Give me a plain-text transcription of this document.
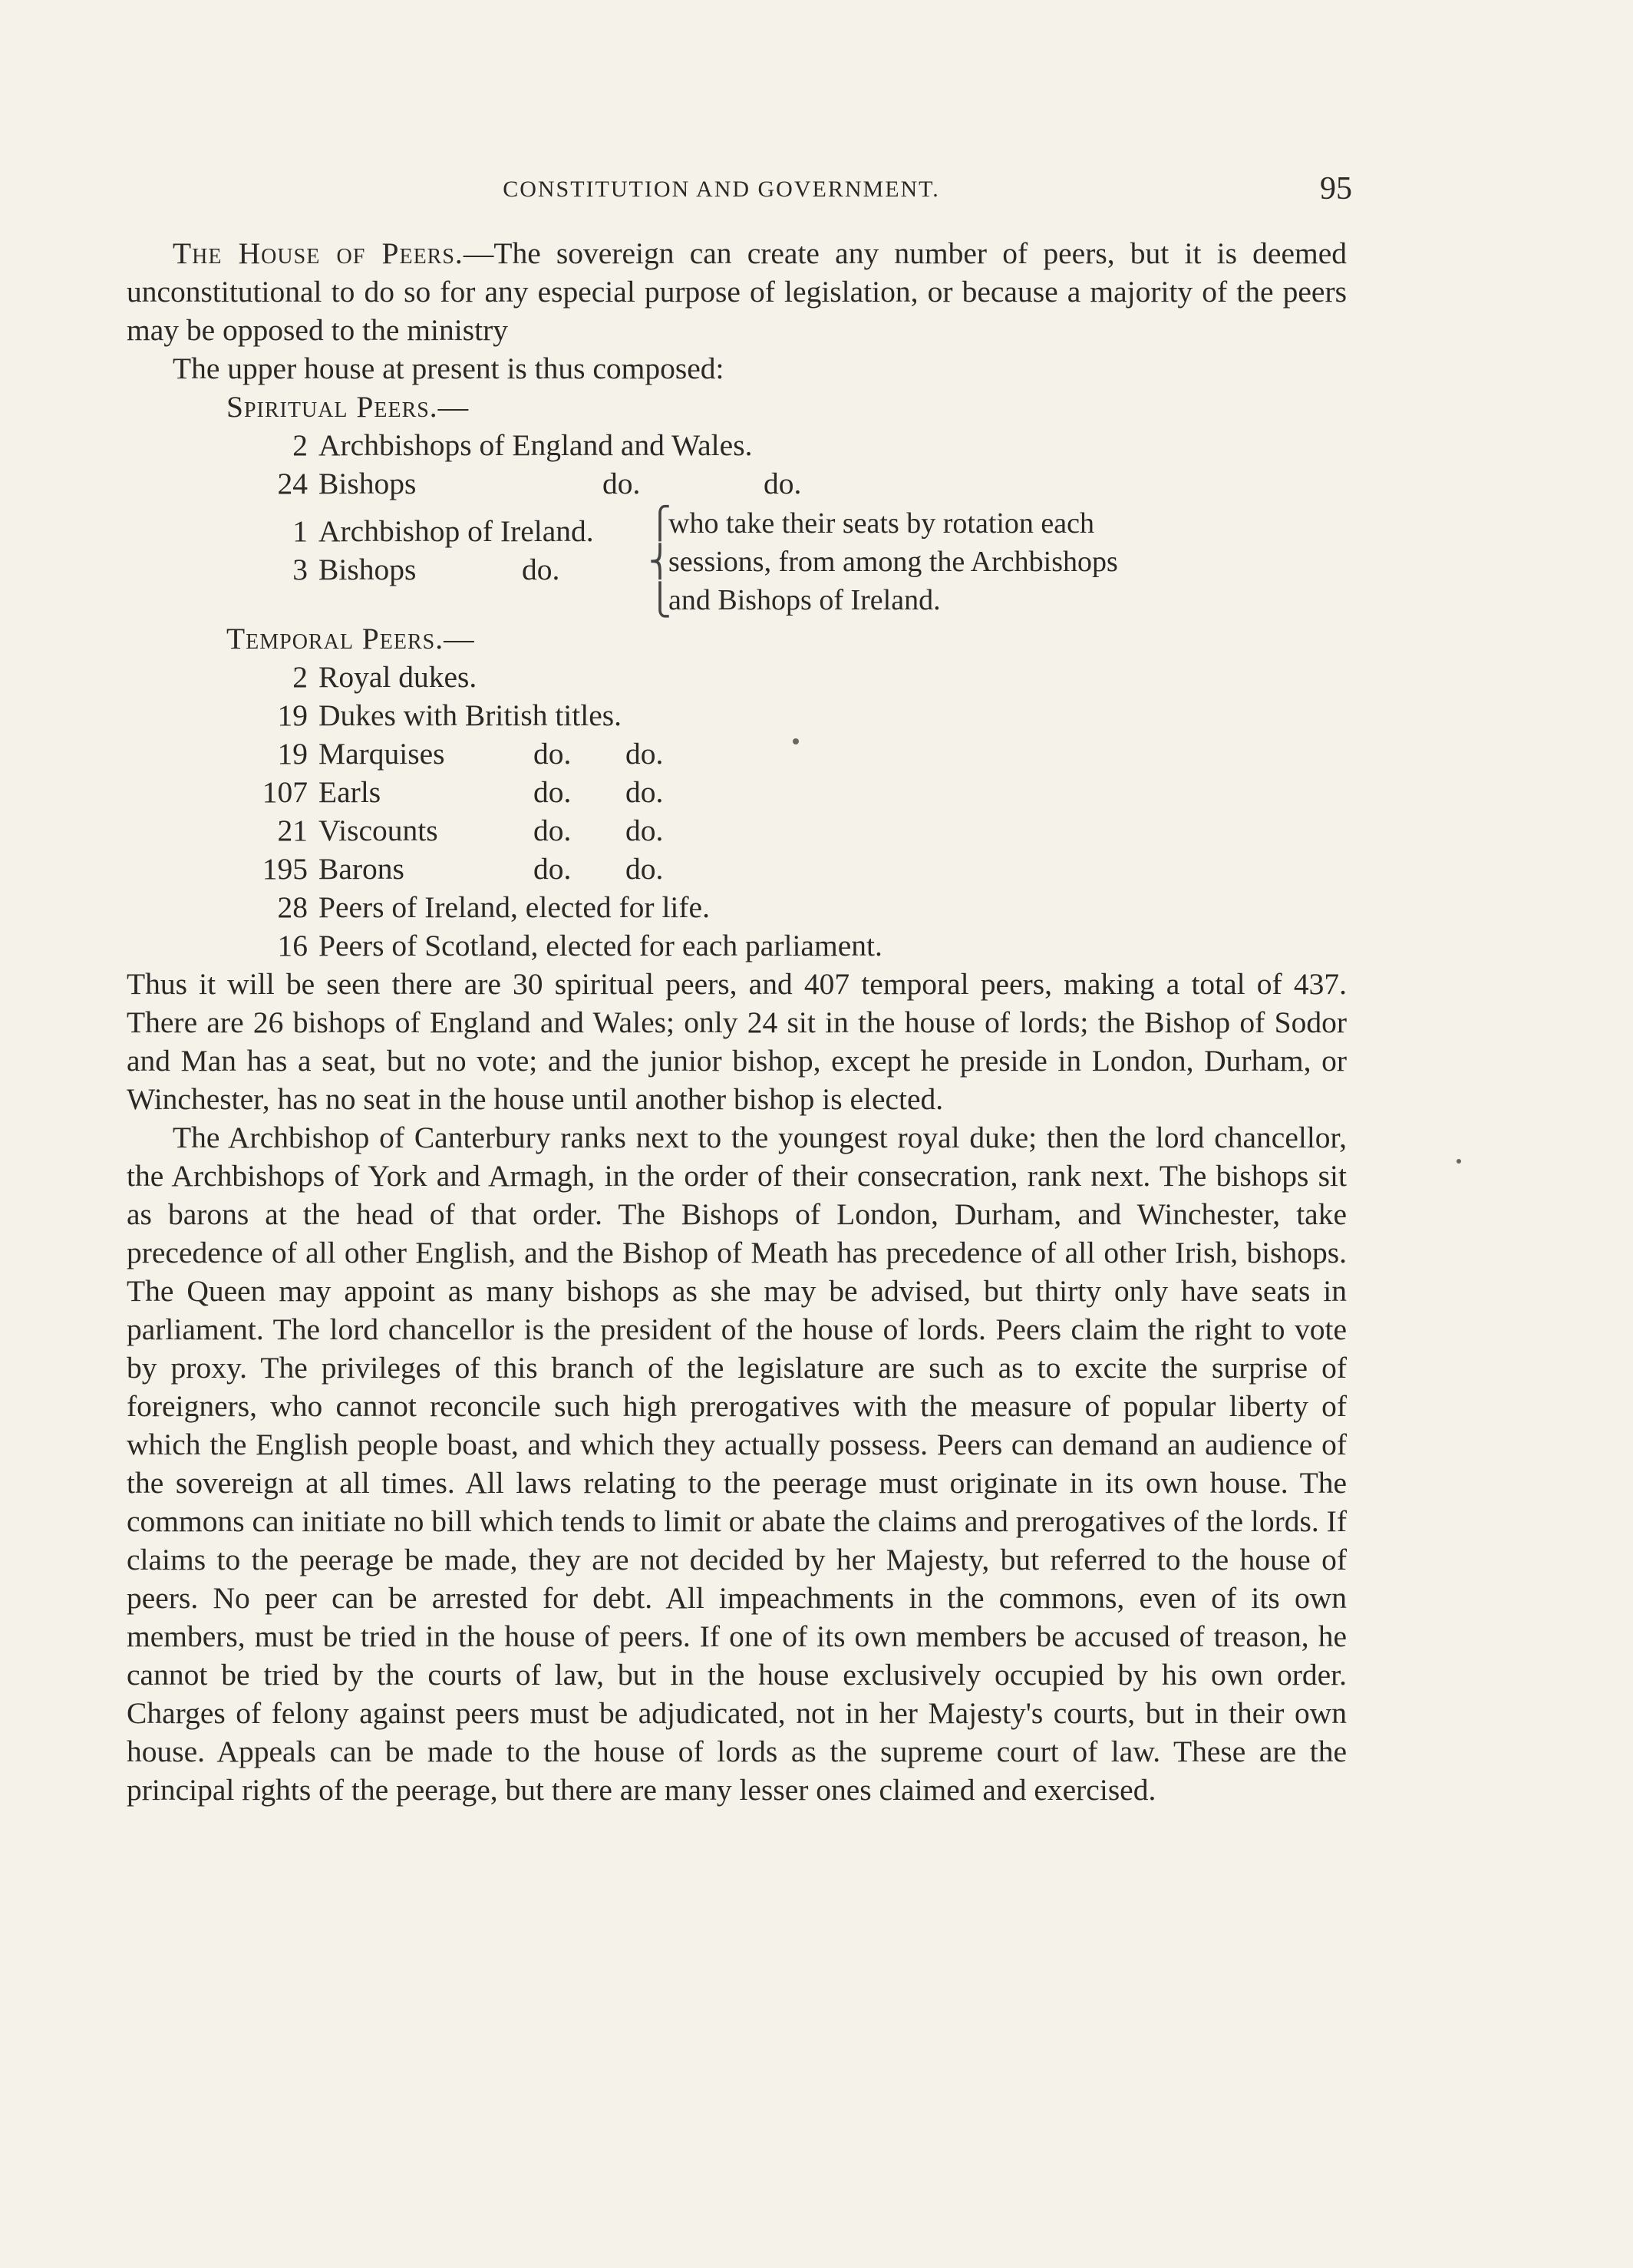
CONSTITUTION AND GOVERNMENT.	95

The House of Peers.—The sovereign can create any number of peers, but it is deemed unconstitutional to do so for any especial purpose of legislation, or because a majority of the peers may be opposed to the ministry

The upper house at present is thus composed:

Spiritual Peers.—

2 Archbishops of England and Wales.
24 Bishops	do.	do.
1 Archbishop of Ireland.
3 Bishops	do.
⎧
⎨
⎩
who take their seats by rotation each
sessions, from among the Archbishops
and Bishops of Ireland.

Temporal Peers.—

2 Royal dukes.
19 Dukes with British titles.
19 Marquises	do.	do.
107 Earls	do.	do.
21 Viscounts	do.	do.
195 Barons	do.	do.
28 Peers of Ireland, elected for life.
16 Peers of Scotland, elected for each parliament.

Thus it will be seen there are 30 spiritual peers, and 407 temporal peers, making a total of 437. There are 26 bishops of England and Wales; only 24 sit in the house of lords; the Bishop of Sodor and Man has a seat, but no vote; and the junior bishop, except he preside in London, Durham, or Winchester, has no seat in the house until another bishop is elected.

The Archbishop of Canterbury ranks next to the youngest royal duke; then the lord chancellor, the Archbishops of York and Armagh, in the order of their consecration, rank next. The bishops sit as barons at the head of that order. The Bishops of London, Durham, and Winchester, take precedence of all other English, and the Bishop of Meath has precedence of all other Irish, bishops. The Queen may appoint as many bishops as she may be advised, but thirty only have seats in parliament. The lord chancellor is the president of the house of lords. Peers claim the right to vote by proxy. The privileges of this branch of the legislature are such as to excite the surprise of foreigners, who cannot reconcile such high prerogatives with the measure of popular liberty of which the English people boast, and which they actually possess. Peers can demand an audience of the sovereign at all times. All laws relating to the peerage must originate in its own house. The commons can initiate no bill which tends to limit or abate the claims and prerogatives of the lords. If claims to the peerage be made, they are not decided by her Majesty, but referred to the house of peers. No peer can be arrested for debt. All impeachments in the commons, even of its own members, must be tried in the house of peers. If one of its own members be accused of treason, he cannot be tried by the courts of law, but in the house exclusively occupied by his own order. Charges of felony against peers must be adjudicated, not in her Majesty's courts, but in their own house. Appeals can be made to the house of lords as the supreme court of law. These are the principal rights of the peerage, but there are many lesser ones claimed and exercised.
